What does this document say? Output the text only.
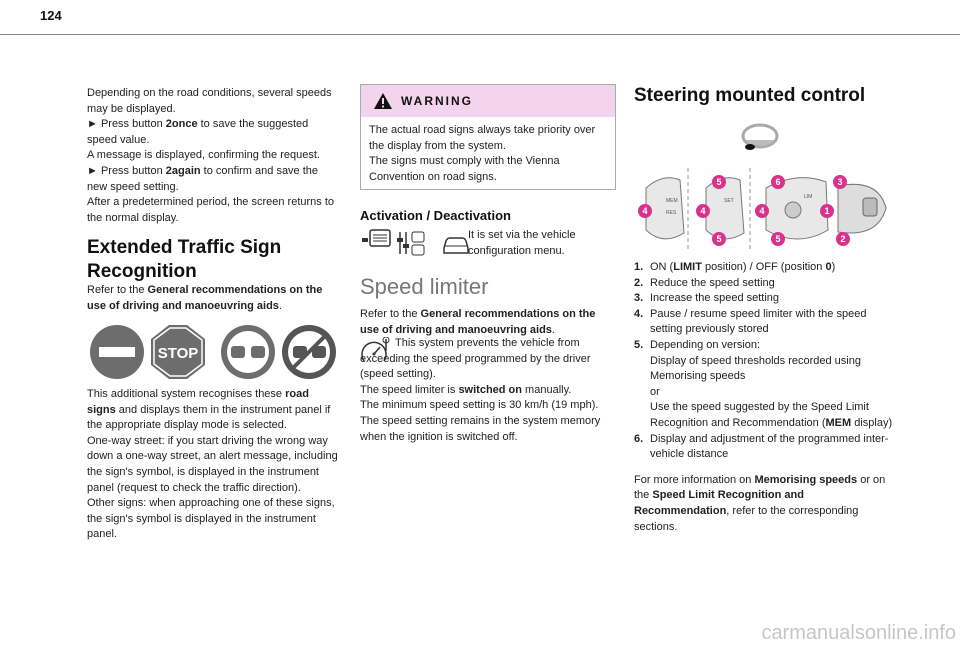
124

Depending on the road conditions, several speeds may be displayed.

► Press button 2once to save the suggested speed value.

A message is displayed, confirming the request.

► Press button 2again to confirm and save the new speed setting.

After a predetermined period, the screen returns to the normal display.

Extended Traffic Sign Recognition

Refer to the General recommendations on the use of driving and manoeuvring aids.

STOP

This additional system recognises these road signs and displays them in the instrument panel if the appropriate display mode is selected.

One-way street: if you start driving the wrong way down a one-way street, an alert message, including the sign's symbol, is displayed in the instrument panel (request to check the traffic direction).

Other signs: when approaching one of these signs, the sign's symbol is displayed in the instrument panel.

WARNING

The actual road signs always take priority over the display from the system.

The signs must comply with the Vienna Convention on road signs.

Activation / Deactivation
It is set via the vehicle configuration menu.
Speed limiter

Refer to the General recommendations on the use of driving and manoeuvring aids.

This system prevents the vehicle from exceeding the speed programmed by the driver (speed setting).

The speed limiter is switched on manually.

The minimum speed setting is 30 km/h (19 mph).

The speed setting remains in the system memory when the ignition is switched off.

Steering mounted control
MEM
RES
SET
LIM
5	6	3
4	4	4	1
5	5	2
1. ON (LIMIT position) / OFF (position 0)
2. Reduce the speed setting
3. Increase the speed setting
4. Pause / resume speed limiter with the speed setting previously stored
5. Depending on version:
Display of speed thresholds recorded using Memorising speeds
or
Use the speed suggested by the Speed Limit Recognition and Recommendation (MEM display)
6. Display and adjustment of the programmed inter-vehicle distance

For more information on Memorising speeds or on the Speed Limit Recognition and Recommendation, refer to the corresponding sections.

carmanualsonline.info
